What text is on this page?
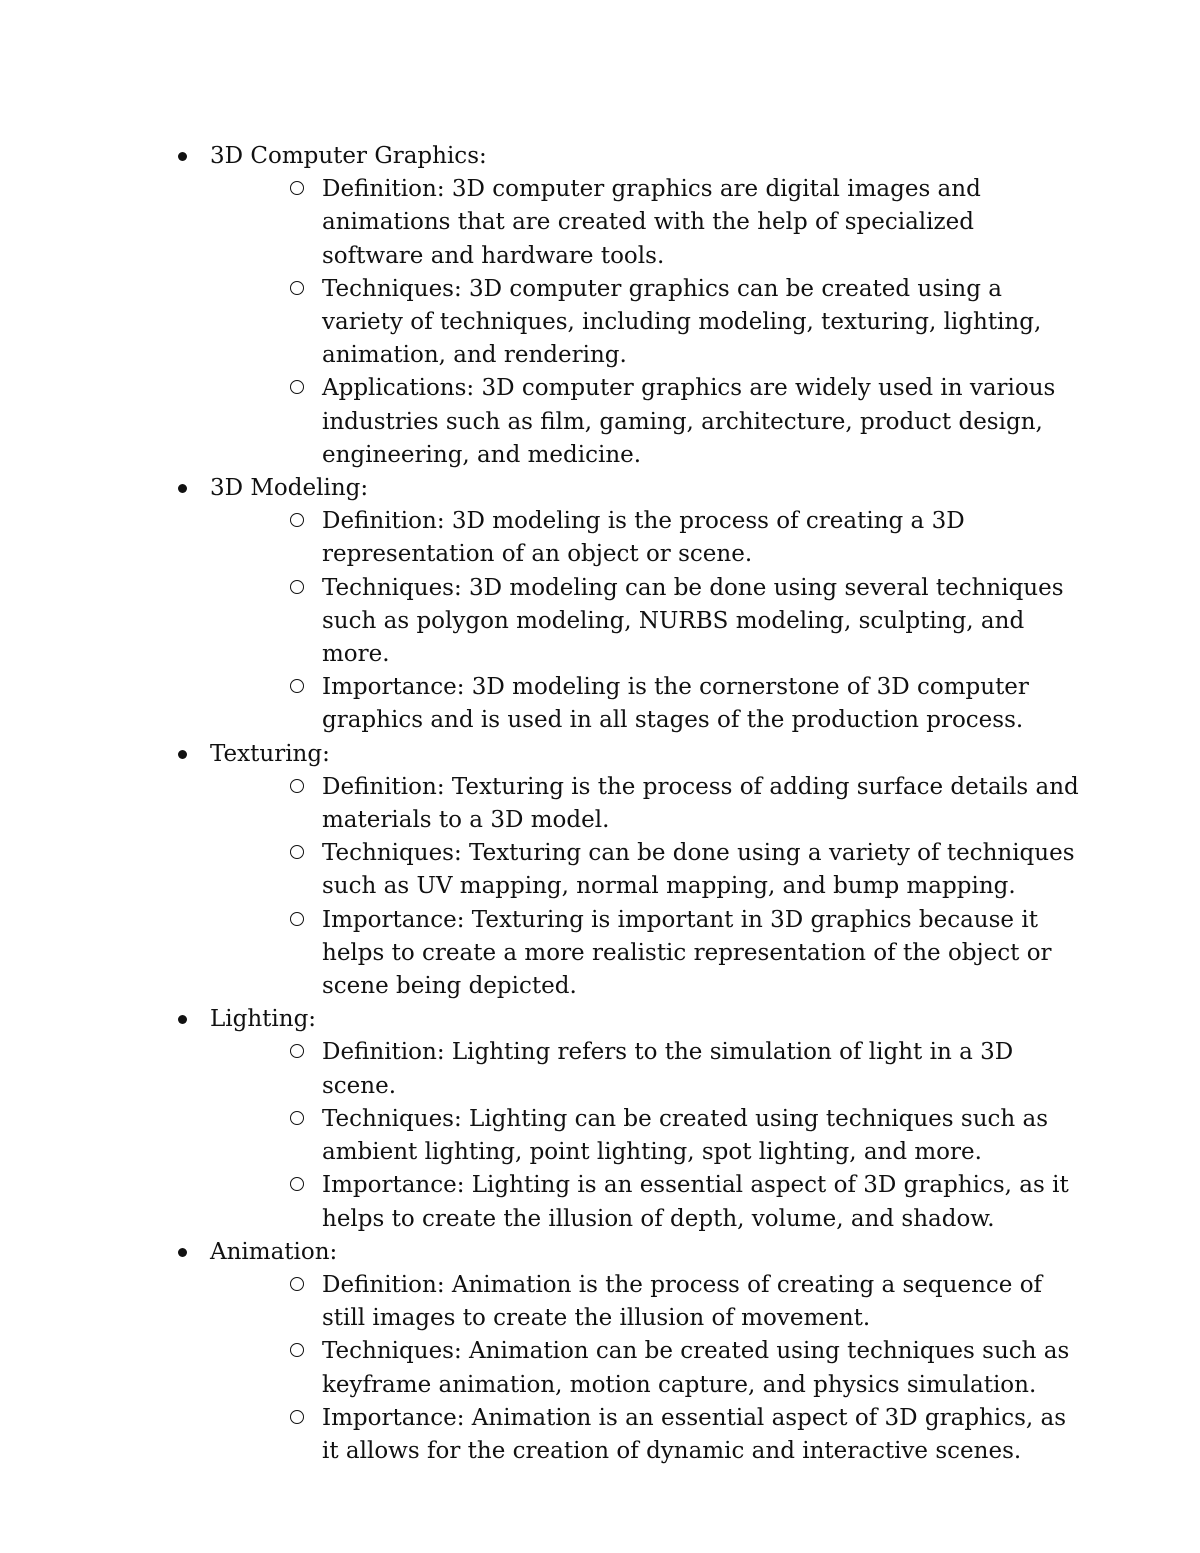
3D Computer Graphics:
Definition: 3D computer graphics are digital images and animations that are created with the help of specialized software and hardware tools.
Techniques: 3D computer graphics can be created using a variety of techniques, including modeling, texturing, lighting, animation, and rendering.
Applications: 3D computer graphics are widely used in various industries such as film, gaming, architecture, product design, engineering, and medicine.
3D Modeling:
Definition: 3D modeling is the process of creating a 3D representation of an object or scene.
Techniques: 3D modeling can be done using several techniques such as polygon modeling, NURBS modeling, sculpting, and more.
Importance: 3D modeling is the cornerstone of 3D computer graphics and is used in all stages of the production process.
Texturing:
Definition: Texturing is the process of adding surface details and materials to a 3D model.
Techniques: Texturing can be done using a variety of techniques such as UV mapping, normal mapping, and bump mapping.
Importance: Texturing is important in 3D graphics because it helps to create a more realistic representation of the object or scene being depicted.
Lighting:
Definition: Lighting refers to the simulation of light in a 3D scene.
Techniques: Lighting can be created using techniques such as ambient lighting, point lighting, spot lighting, and more.
Importance: Lighting is an essential aspect of 3D graphics, as it helps to create the illusion of depth, volume, and shadow.
Animation:
Definition: Animation is the process of creating a sequence of still images to create the illusion of movement.
Techniques: Animation can be created using techniques such as keyframe animation, motion capture, and physics simulation.
Importance: Animation is an essential aspect of 3D graphics, as it allows for the creation of dynamic and interactive scenes.
